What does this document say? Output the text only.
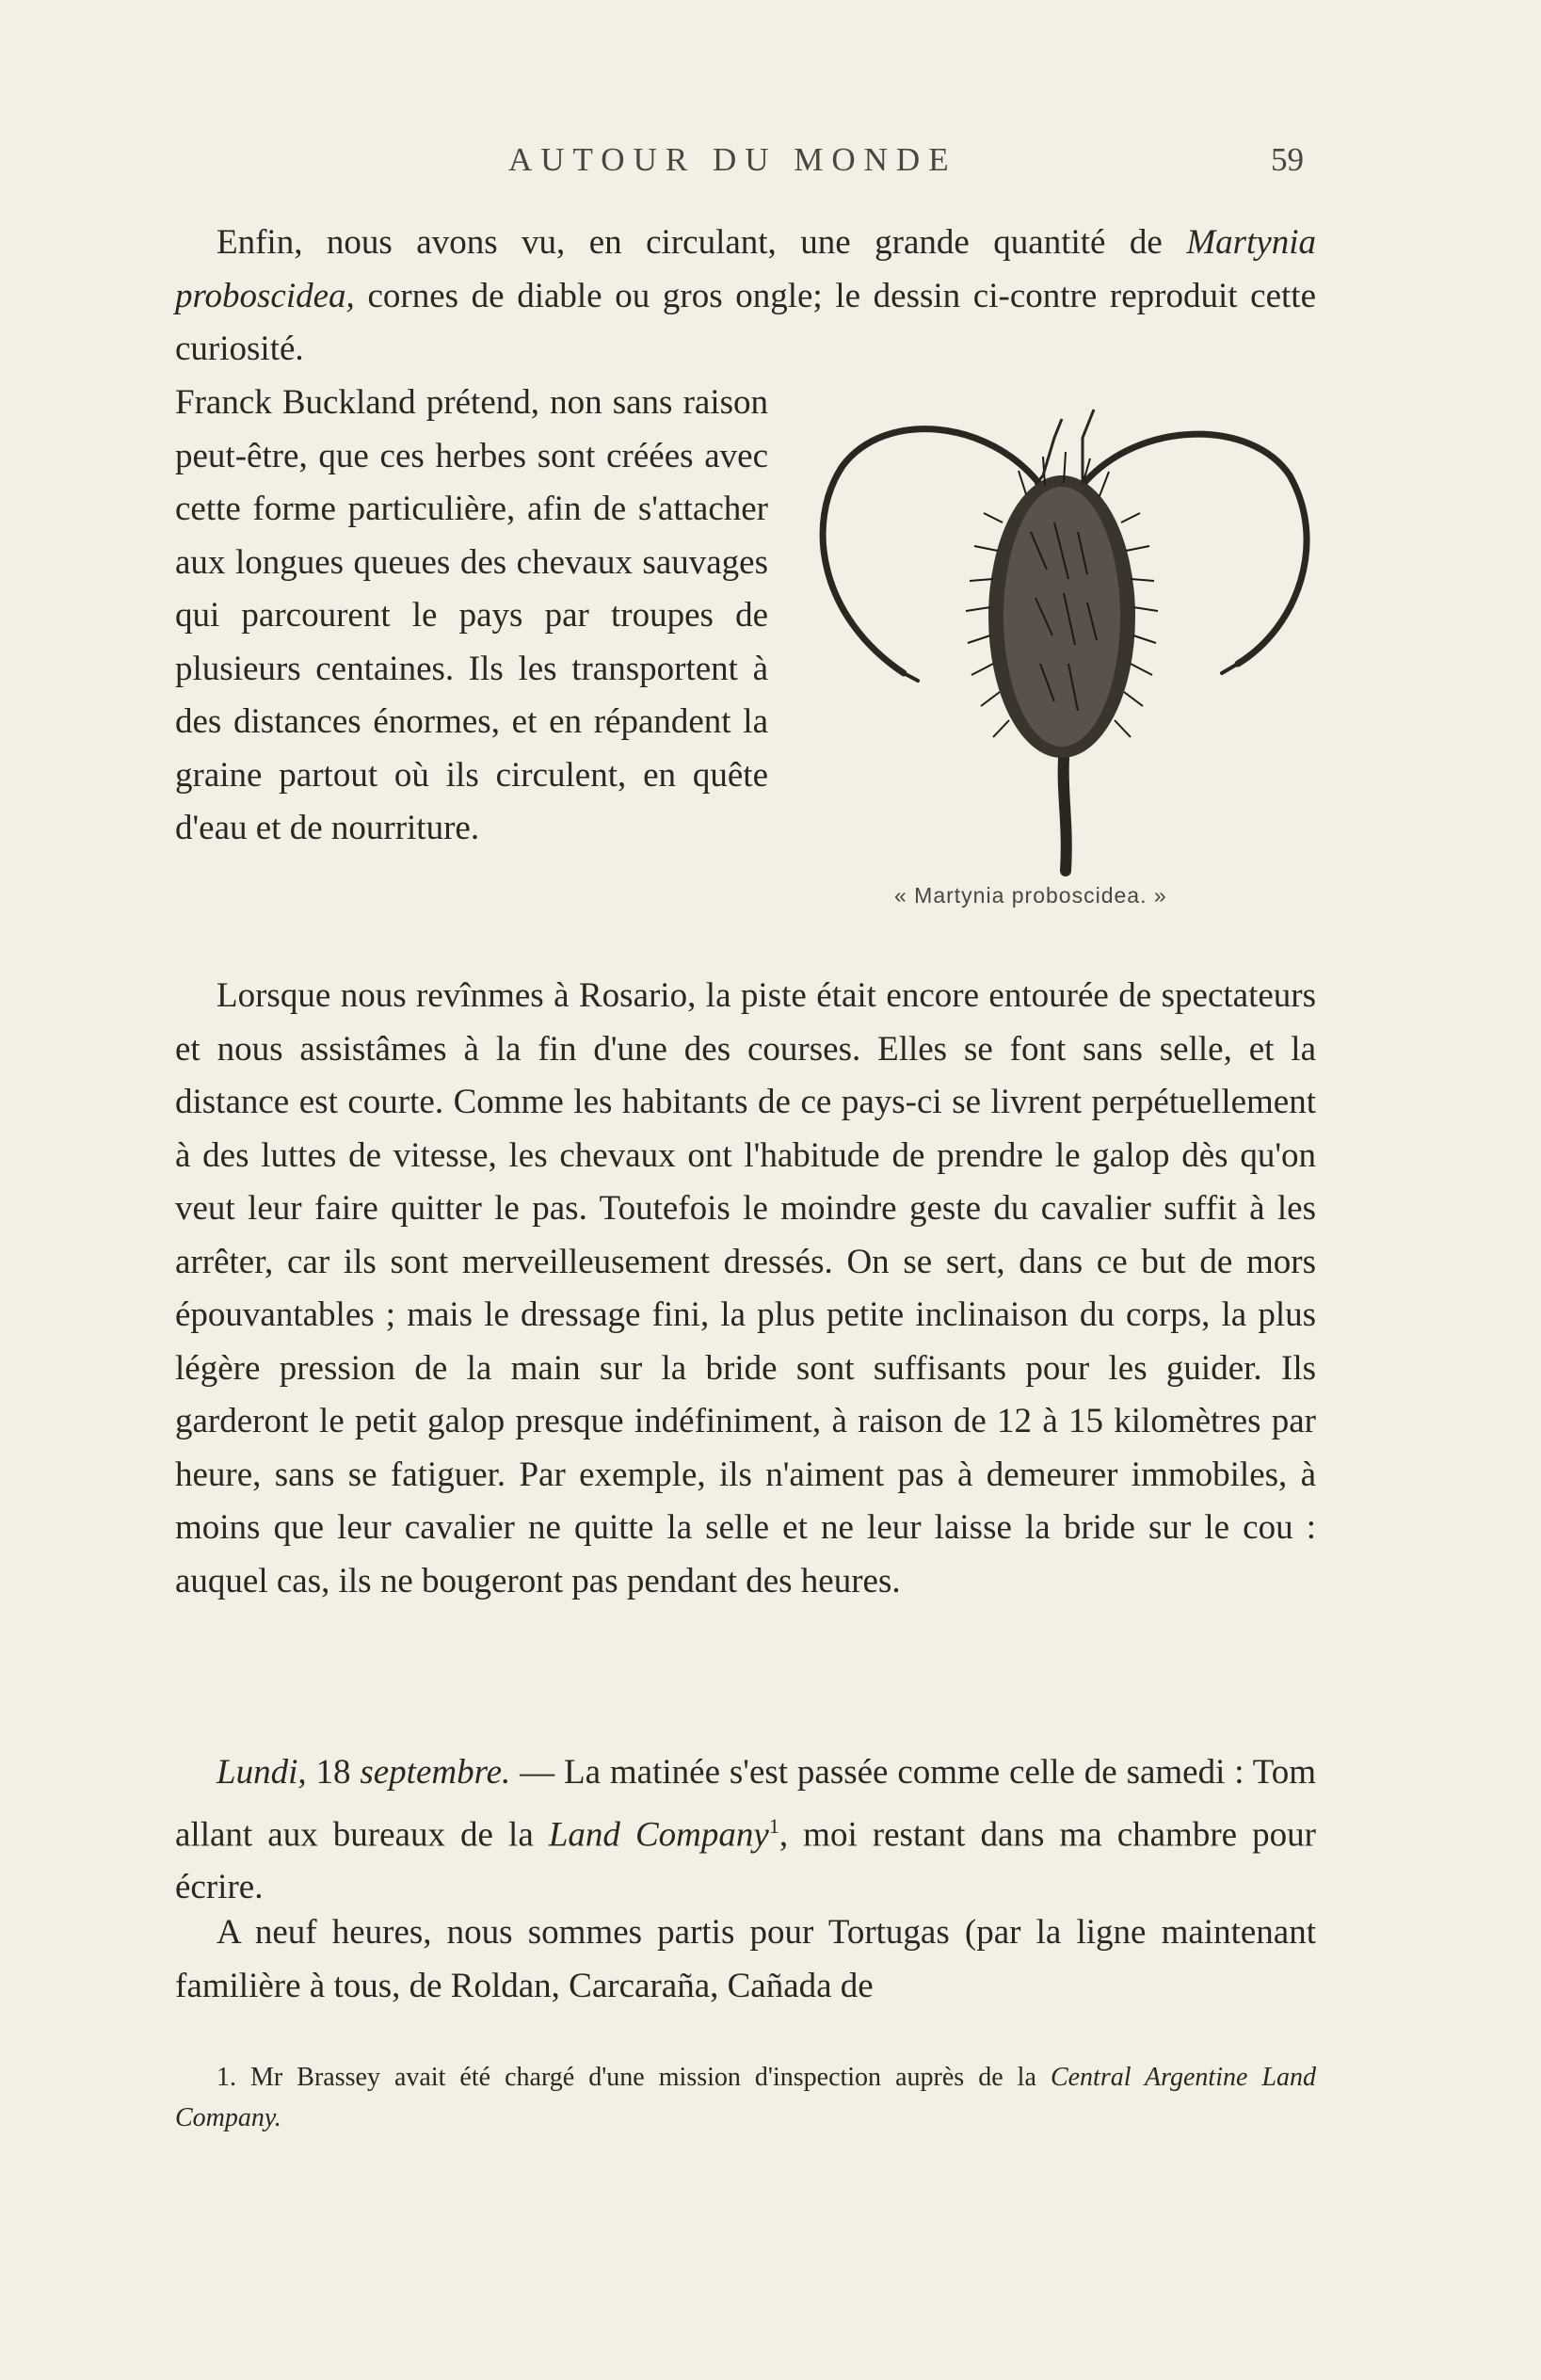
AUTOUR DU MONDE	59
Enfin, nous avons vu, en circulant, une grande quantité de Martynia proboscidea, cornes de diable ou gros ongle; le dessin ci-contre reproduit cette curiosité.
Franck Buckland prétend, non sans raison peut-être, que ces herbes sont créées avec cette forme particulière, afin de s'attacher aux longues queues des chevaux sauvages qui parcourent le pays par troupes de plusieurs centaines. Ils les transportent à des distances énormes, et en répandent la graine partout où ils circulent, en quête d'eau et de nourriture.
« Martynia proboscidea. »
Lorsque nous revînmes à Rosario, la piste était encore entourée de spectateurs et nous assistâmes à la fin d'une des courses. Elles se font sans selle, et la distance est courte. Comme les habitants de ce pays-ci se livrent perpétuellement à des luttes de vitesse, les chevaux ont l'habitude de prendre le galop dès qu'on veut leur faire quitter le pas. Toutefois le moindre geste du cavalier suffit à les arrêter, car ils sont merveilleusement dressés. On se sert, dans ce but de mors épouvantables ; mais le dressage fini, la plus petite inclinaison du corps, la plus légère pression de la main sur la bride sont suffisants pour les guider. Ils garderont le petit galop presque indéfiniment, à raison de 12 à 15 kilomètres par heure, sans se fatiguer. Par exemple, ils n'aiment pas à demeurer immobiles, à moins que leur cavalier ne quitte la selle et ne leur laisse la bride sur le cou : auquel cas, ils ne bougeront pas pendant des heures.
Lundi, 18 septembre. — La matinée s'est passée comme celle de samedi : Tom allant aux bureaux de la Land Company$^1$, moi restant dans ma chambre pour écrire.
A neuf heures, nous sommes partis pour Tortugas (par la ligne maintenant familière à tous, de Roldan, Carcaraña, Cañada de
1. Mr Brassey avait été chargé d'une mission d'inspection auprès de la Central Argentine Land Company.
